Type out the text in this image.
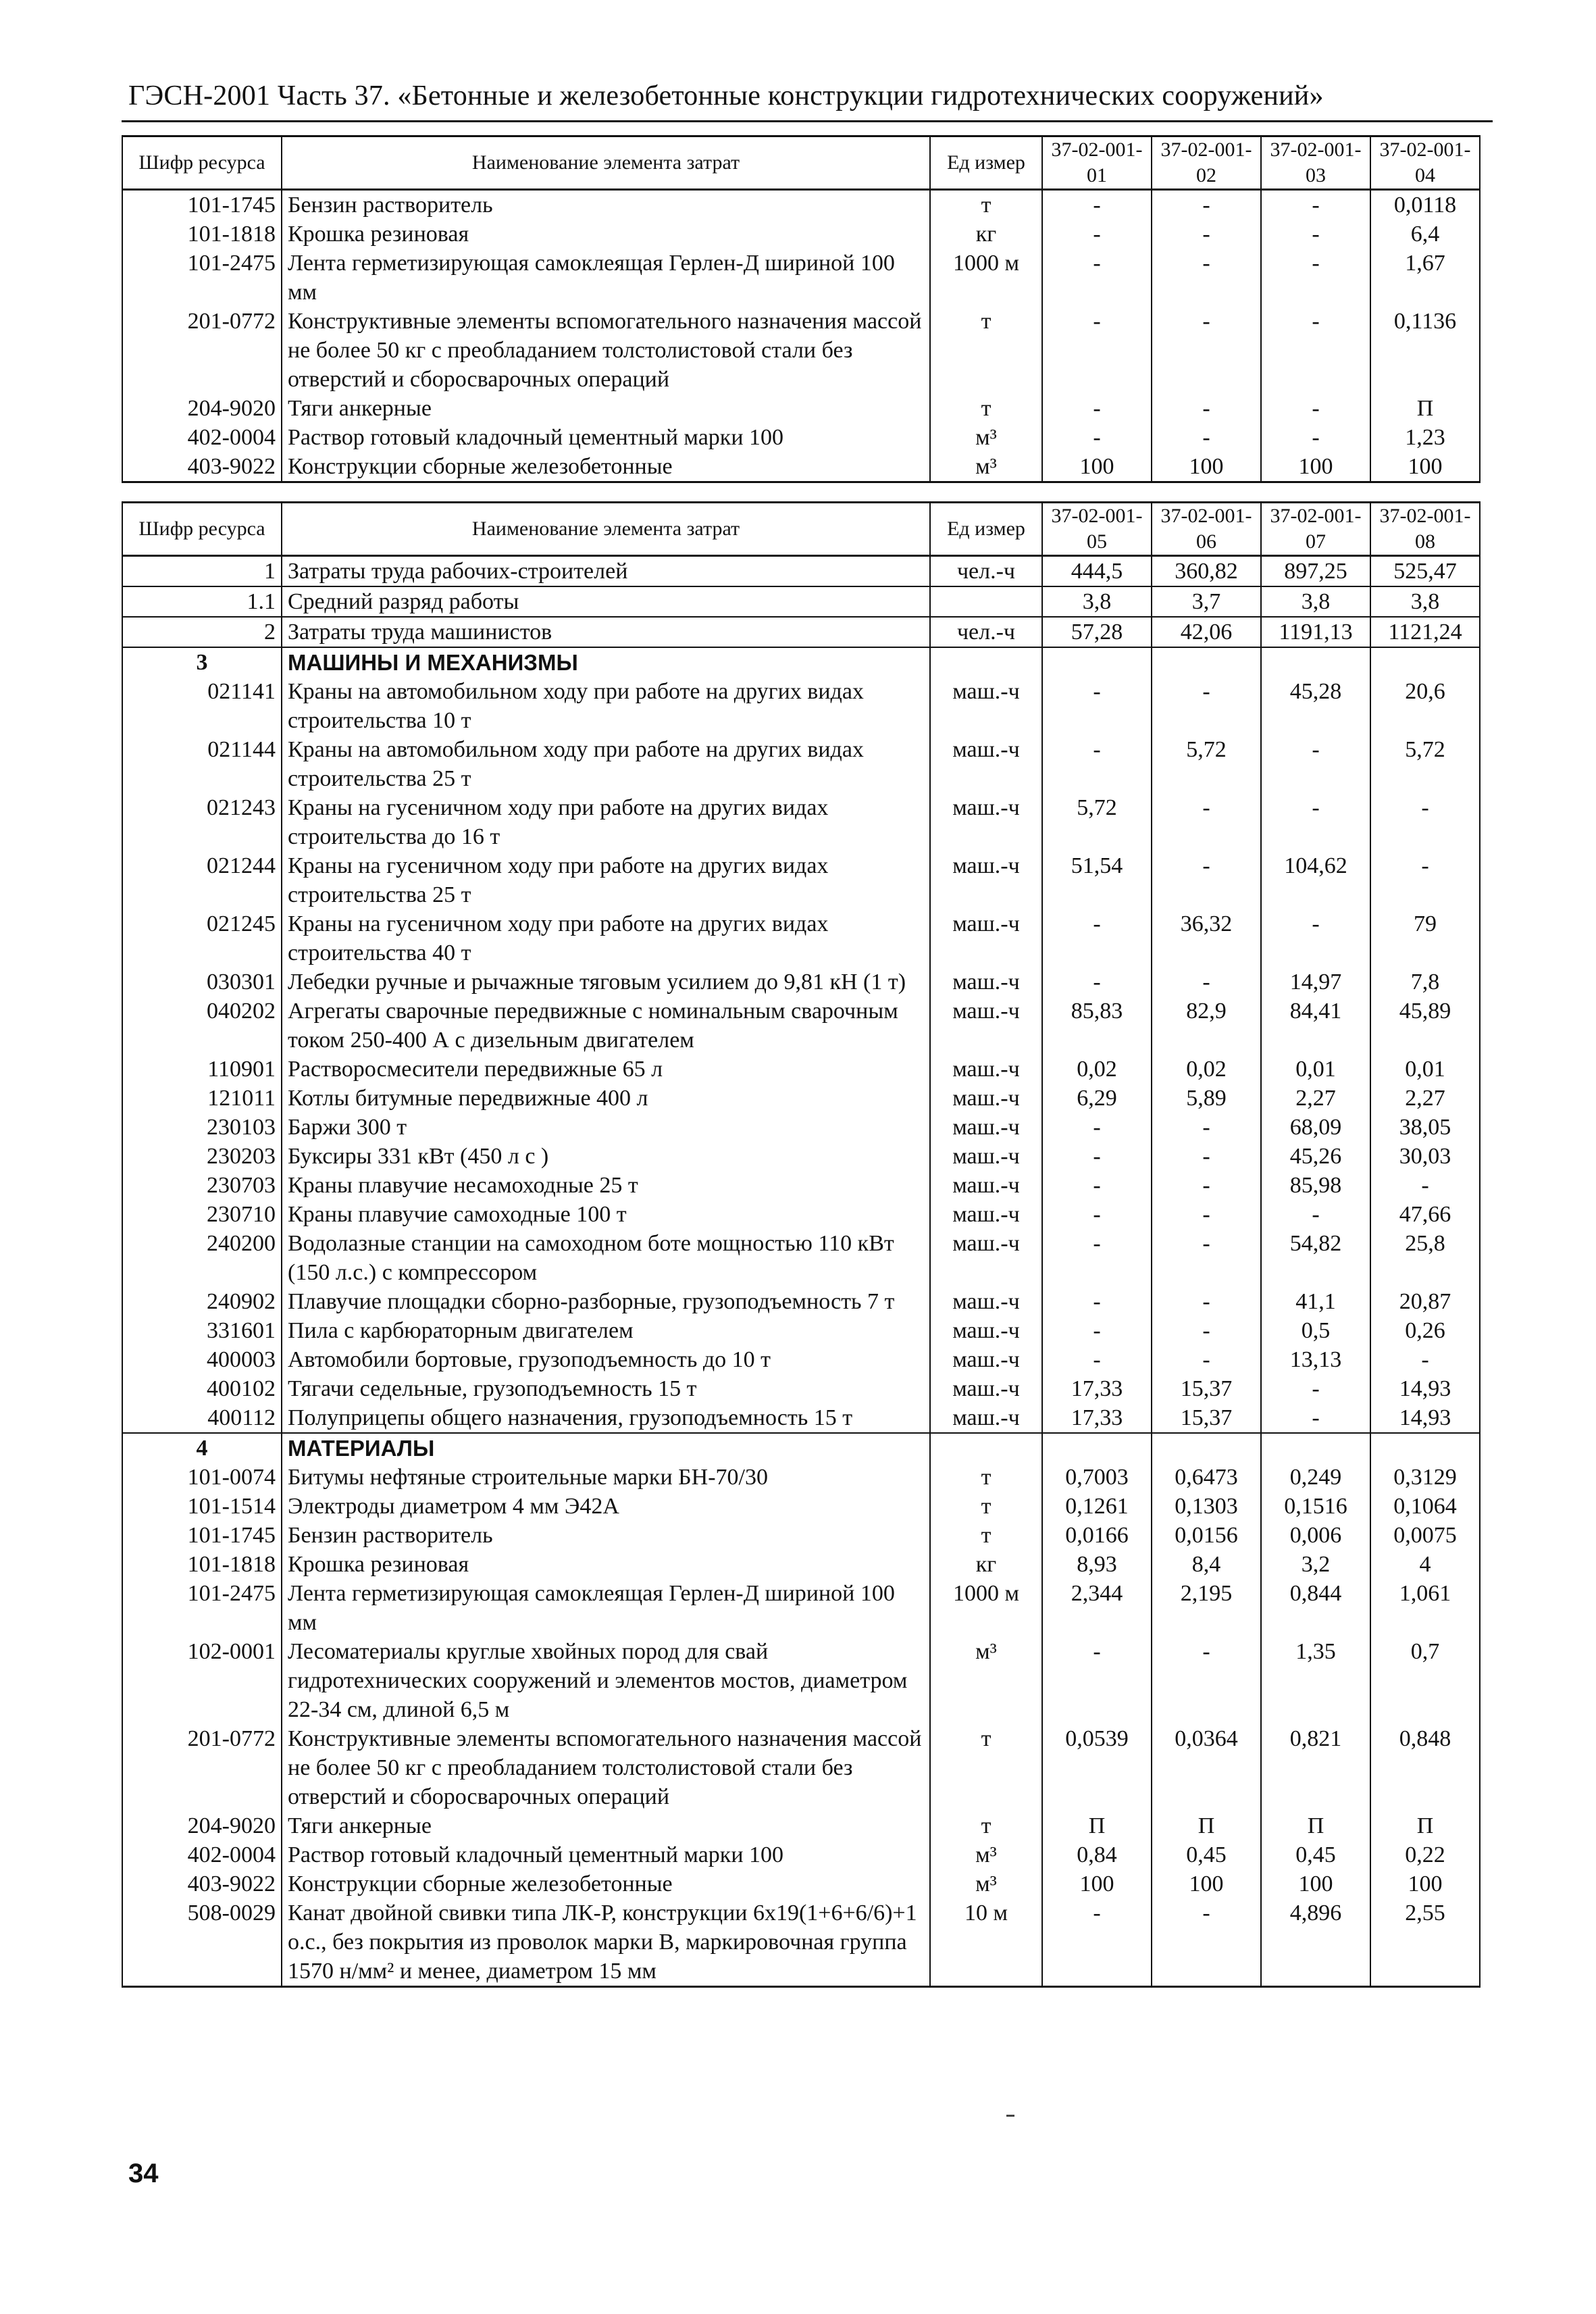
ГЭСН-2001 Часть 37. «Бетонные и железобетонные конструкции гидротехнических сооружений»
Шифр ресурса	Наименование элемента затрат	Ед измер	37-02-001-01	37-02-001-02	37-02-001-03	37-02-001-04
101-1745	Бензин растворитель	т	-	-	-	0,0118
101-1818	Крошка резиновая	кг	-	-	-	6,4
101-2475	Лента герметизирующая самоклеящая Герлен-Д шириной 100 мм	1000 м	-	-	-	1,67
201-0772	Конструктивные элементы вспомогательного назначения массой не более 50 кг с преобладанием толстолистовой стали без отверстий и сборосварочных операций	т	-	-	-	0,1136
204-9020	Тяги анкерные	т	-	-	-	П
402-0004	Раствор готовый кладочный цементный марки 100	м³	-	-	-	1,23
403-9022	Конструкции сборные железобетонные	м³	100	100	100	100
Шифр ресурса	Наименование элемента затрат	Ед измер	37-02-001-05	37-02-001-06	37-02-001-07	37-02-001-08
1	Затраты труда рабочих-строителей	чел.-ч	444,5	360,82	897,25	525,47
1.1	Средний разряд работы		3,8	3,7	3,8	3,8
2	Затраты труда машинистов	чел.-ч	57,28	42,06	1191,13	1121,24
3	МАШИНЫ И МЕХАНИЗМЫ					
021141	Краны на автомобильном ходу при работе на других видах строительства 10 т	маш.-ч	-	-	45,28	20,6
021144	Краны на автомобильном ходу при работе на других видах строительства 25 т	маш.-ч	-	5,72	-	5,72
021243	Краны на гусеничном ходу при работе на других видах строительства до 16 т	маш.-ч	5,72	-	-	-
021244	Краны на гусеничном ходу при работе на других видах строительства 25 т	маш.-ч	51,54	-	104,62	-
021245	Краны на гусеничном ходу при работе на других видах строительства 40 т	маш.-ч	-	36,32	-	79
030301	Лебедки ручные и рычажные тяговым усилием до 9,81 кН (1 т)	маш.-ч	-	-	14,97	7,8
040202	Агрегаты сварочные передвижные с номинальным сварочным током 250-400 А с дизельным двигателем	маш.-ч	85,83	82,9	84,41	45,89
110901	Растворосмесители передвижные 65 л	маш.-ч	0,02	0,02	0,01	0,01
121011	Котлы битумные передвижные 400 л	маш.-ч	6,29	5,89	2,27	2,27
230103	Баржи 300 т	маш.-ч	-	-	68,09	38,05
230203	Буксиры 331 кВт (450 л с )	маш.-ч	-	-	45,26	30,03
230703	Краны плавучие несамоходные 25 т	маш.-ч	-	-	85,98	-
230710	Краны плавучие самоходные 100 т	маш.-ч	-	-	-	47,66
240200	Водолазные станции на самоходном боте мощностью 110 кВт (150 л.с.) с компрессором	маш.-ч	-	-	54,82	25,8
240902	Плавучие площадки сборно-разборные, грузоподъемность 7 т	маш.-ч	-	-	41,1	20,87
331601	Пила с карбюраторным двигателем	маш.-ч	-	-	0,5	0,26
400003	Автомобили бортовые, грузоподъемность до 10 т	маш.-ч	-	-	13,13	-
400102	Тягачи седельные, грузоподъемность 15 т	маш.-ч	17,33	15,37	-	14,93
400112	Полуприцепы общего назначения, грузоподъемность 15 т	маш.-ч	17,33	15,37	-	14,93
4	МАТЕРИАЛЫ					
101-0074	Битумы нефтяные строительные марки БН-70/30	т	0,7003	0,6473	0,249	0,3129
101-1514	Электроды диаметром 4 мм Э42А	т	0,1261	0,1303	0,1516	0,1064
101-1745	Бензин растворитель	т	0,0166	0,0156	0,006	0,0075
101-1818	Крошка резиновая	кг	8,93	8,4	3,2	4
101-2475	Лента герметизирующая самоклеящая Герлен-Д шириной 100 мм	1000 м	2,344	2,195	0,844	1,061
102-0001	Лесоматериалы круглые хвойных пород для свай гидротехнических сооружений и элементов мостов, диаметром 22-34 см, длиной 6,5 м	м³	-	-	1,35	0,7
201-0772	Конструктивные элементы вспомогательного назначения массой не более 50 кг с преобладанием толстолистовой стали без отверстий и сборосварочных операций	т	0,0539	0,0364	0,821	0,848
204-9020	Тяги анкерные	т	П	П	П	П
402-0004	Раствор готовый кладочный цементный марки 100	м³	0,84	0,45	0,45	0,22
403-9022	Конструкции сборные железобетонные	м³	100	100	100	100
508-0029	Канат двойной свивки типа ЛК-Р, конструкции 6х19(1+6+6/6)+1 о.с., без покрытия из проволок марки В, маркировочная группа 1570 н/мм² и менее, диаметром 15 мм	10 м	-	-	4,896	2,55
34
